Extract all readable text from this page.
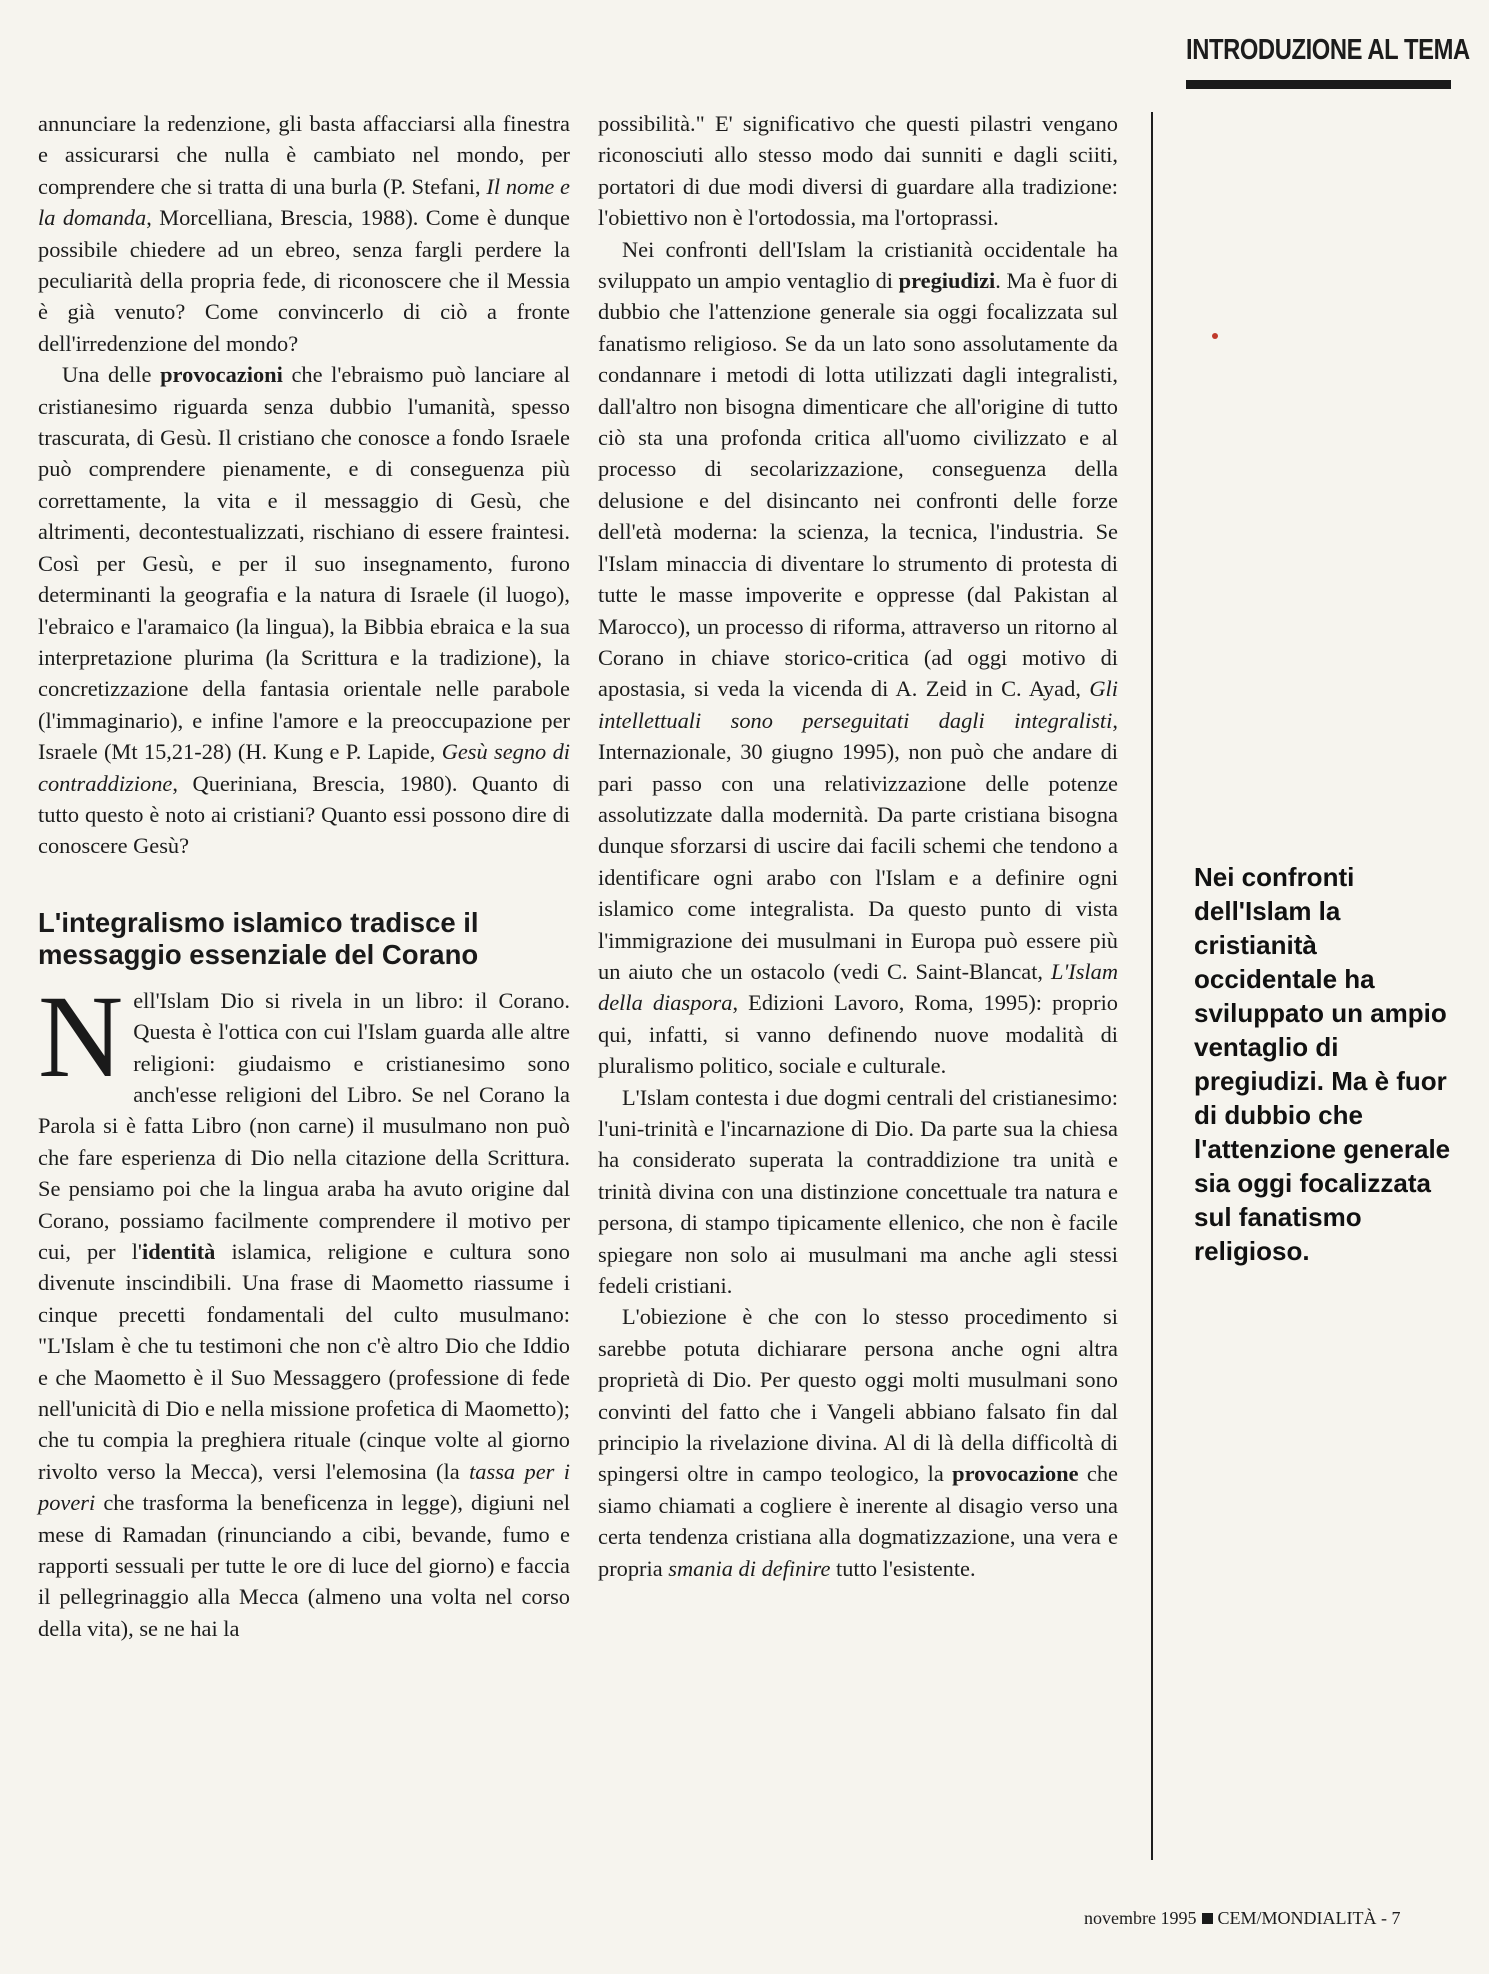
INTRODUZIONE AL TEMA

annunciare la redenzione, gli basta affacciarsi alla finestra e assicurarsi che nulla è cambiato nel mondo, per comprendere che si tratta di una burla (P. Stefani, Il nome e la domanda, Morcelliana, Brescia, 1988). Come è dunque possibile chiedere ad un ebreo, senza fargli perdere la peculiarità della propria fede, di riconoscere che il Messia è già venuto? Come convincerlo di ciò a fronte dell'irredenzione del mondo?

Una delle provocazioni che l'ebraismo può lanciare al cristianesimo riguarda senza dubbio l'umanità, spesso trascurata, di Gesù. Il cristiano che conosce a fondo Israele può comprendere pienamente, e di conseguenza più correttamente, la vita e il messaggio di Gesù, che altrimenti, decontestualizzati, rischiano di essere fraintesi. Così per Gesù, e per il suo insegnamento, furono determinanti la geografia e la natura di Israele (il luogo), l'ebraico e l'aramaico (la lingua), la Bibbia ebraica e la sua interpretazione plurima (la Scrittura e la tradizione), la concretizzazione della fantasia orientale nelle parabole (l'immaginario), e infine l'amore e la preoccupazione per Israele (Mt 15,21-28) (H. Kung e P. Lapide, Gesù segno di contraddizione, Queriniana, Brescia, 1980). Quanto di tutto questo è noto ai cristiani? Quanto essi possono dire di conoscere Gesù?

L'integralismo islamico tradisce il messaggio essenziale del Corano

Nell'Islam Dio si rivela in un libro: il Corano. Questa è l'ottica con cui l'Islam guarda alle altre religioni: giudaismo e cristianesimo sono anch'esse religioni del Libro. Se nel Corano la Parola si è fatta Libro (non carne) il musulmano non può che fare esperienza di Dio nella citazione della Scrittura. Se pensiamo poi che la lingua araba ha avuto origine dal Corano, possiamo facilmente comprendere il motivo per cui, per l'identità islamica, religione e cultura sono divenute inscindibili. Una frase di Maometto riassume i cinque precetti fondamentali del culto musulmano: "L'Islam è che tu testimoni che non c'è altro Dio che Iddio e che Maometto è il Suo Messaggero (professione di fede nell'unicità di Dio e nella missione profetica di Maometto); che tu compia la preghiera rituale (cinque volte al giorno rivolto verso la Mecca), versi l'elemosina (la tassa per i poveri che trasforma la beneficenza in legge), digiuni nel mese di Ramadan (rinunciando a cibi, bevande, fumo e rapporti sessuali per tutte le ore di luce del giorno) e faccia il pellegrinaggio alla Mecca (almeno una volta nel corso della vita), se ne hai la

possibilità." E' significativo che questi pilastri vengano riconosciuti allo stesso modo dai sunniti e dagli sciiti, portatori di due modi diversi di guardare alla tradizione: l'obiettivo non è l'ortodossia, ma l'ortoprassi.

Nei confronti dell'Islam la cristianità occidentale ha sviluppato un ampio ventaglio di pregiudizi. Ma è fuor di dubbio che l'attenzione generale sia oggi focalizzata sul fanatismo religioso. Se da un lato sono assolutamente da condannare i metodi di lotta utilizzati dagli integralisti, dall'altro non bisogna dimenticare che all'origine di tutto ciò sta una profonda critica all'uomo civilizzato e al processo di secolarizzazione, conseguenza della delusione e del disincanto nei confronti delle forze dell'età moderna: la scienza, la tecnica, l'industria. Se l'Islam minaccia di diventare lo strumento di protesta di tutte le masse impoverite e oppresse (dal Pakistan al Marocco), un processo di riforma, attraverso un ritorno al Corano in chiave storico-critica (ad oggi motivo di apostasia, si veda la vicenda di A. Zeid in C. Ayad, Gli intellettuali sono perseguitati dagli integralisti, Internazionale, 30 giugno 1995), non può che andare di pari passo con una relativizzazione delle potenze assolutizzate dalla modernità. Da parte cristiana bisogna dunque sforzarsi di uscire dai facili schemi che tendono a identificare ogni arabo con l'Islam e a definire ogni islamico come integralista. Da questo punto di vista l'immigrazione dei musulmani in Europa può essere più un aiuto che un ostacolo (vedi C. Saint-Blancat, L'Islam della diaspora, Edizioni Lavoro, Roma, 1995): proprio qui, infatti, si vanno definendo nuove modalità di pluralismo politico, sociale e culturale.

L'Islam contesta i due dogmi centrali del cristianesimo: l'uni-trinità e l'incarnazione di Dio. Da parte sua la chiesa ha considerato superata la contraddizione tra unità e trinità divina con una distinzione concettuale tra natura e persona, di stampo tipicamente ellenico, che non è facile spiegare non solo ai musulmani ma anche agli stessi fedeli cristiani.

L'obiezione è che con lo stesso procedimento si sarebbe potuta dichiarare persona anche ogni altra proprietà di Dio. Per questo oggi molti musulmani sono convinti del fatto che i Vangeli abbiano falsato fin dal principio la rivelazione divina. Al di là della difficoltà di spingersi oltre in campo teologico, la provocazione che siamo chiamati a cogliere è inerente al disagio verso una certa tendenza cristiana alla dogmatizzazione, una vera e propria smania di definire tutto l'esistente.

Nei confronti dell'Islam la cristianità occidentale ha sviluppato un ampio ventaglio di pregiudizi. Ma è fuor di dubbio che l'attenzione generale sia oggi focalizzata sul fanatismo religioso.
novembre 1995 CEM/MONDIALITÀ - 7
